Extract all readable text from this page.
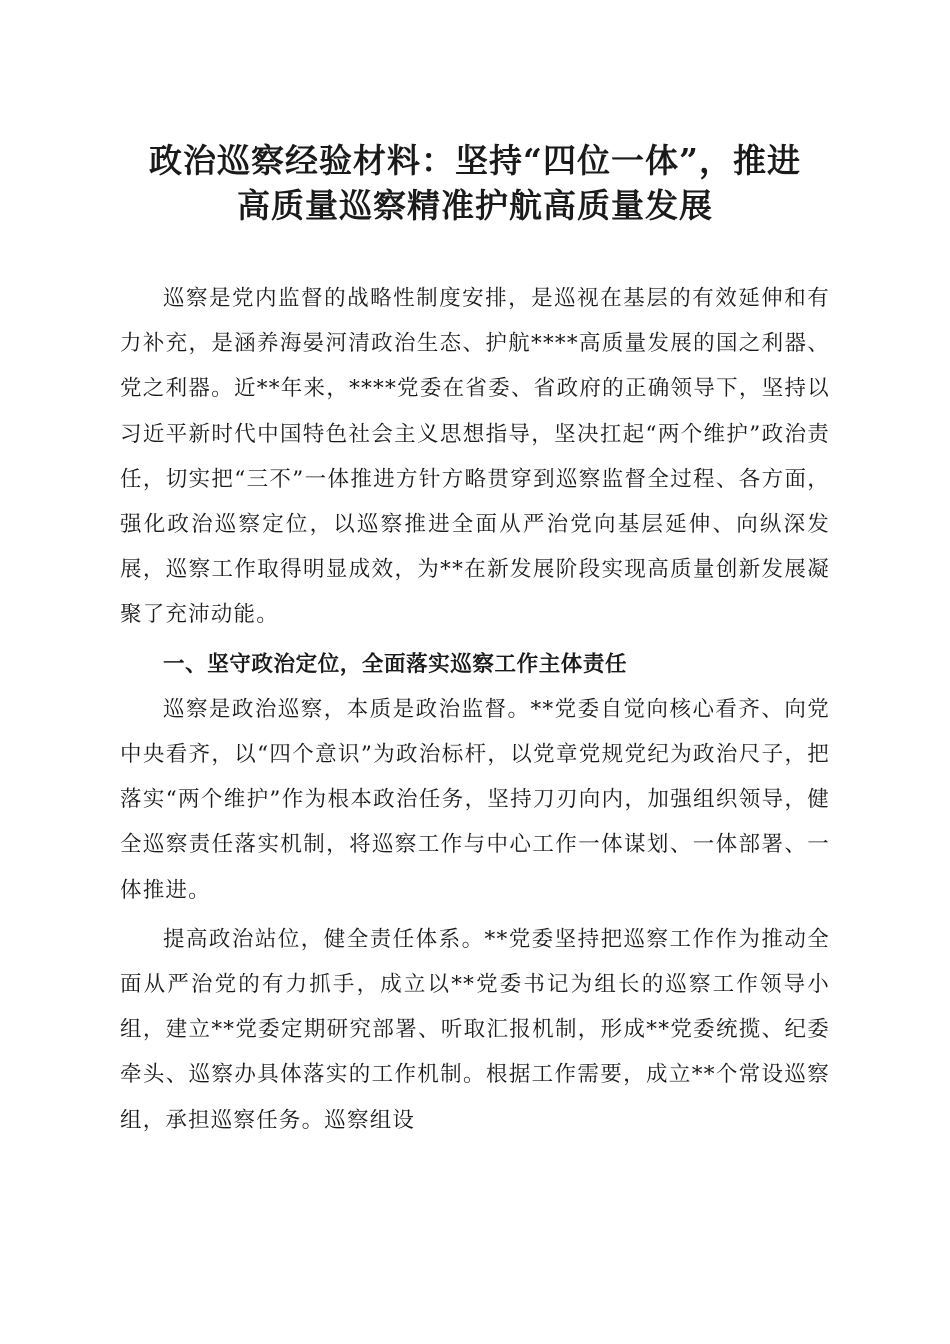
政治巡察经验材料：坚持“四位一体”，推进
高质量巡察精准护航高质量发展

巡察是党内监督的战略性制度安排，是巡视在基层的有效延伸和有力补充，是涵养海晏河清政治生态、护航****高质量发展的国之利器、党之利器。近**年来，****党委在省委、省政府的正确领导下，坚持以习近平新时代中国特色社会主义思想指导，坚决扛起“两个维护”政治责任，切实把“三不”一体推进方针方略贯穿到巡察监督全过程、各方面，强化政治巡察定位，以巡察推进全面从严治党向基层延伸、向纵深发展，巡察工作取得明显成效，为**在新发展阶段实现高质量创新发展凝聚了充沛动能。

一、坚守政治定位，全面落实巡察工作主体责任

巡察是政治巡察，本质是政治监督。**党委自觉向核心看齐、向党中央看齐，以“四个意识”为政治标杆，以党章党规党纪为政治尺子，把落实“两个维护”作为根本政治任务，坚持刀刃向内，加强组织领导，健全巡察责任落实机制，将巡察工作与中心工作一体谋划、一体部署、一体推进。

提高政治站位，健全责任体系。**党委坚持把巡察工作作为推动全面从严治党的有力抓手，成立以**党委书记为组长的巡察工作领导小组，建立**党委定期研究部署、听取汇报机制，形成**党委统揽、纪委牵头、巡察办具体落实的工作机制。根据工作需要，成立**个常设巡察组，承担巡察任务。巡察组设
